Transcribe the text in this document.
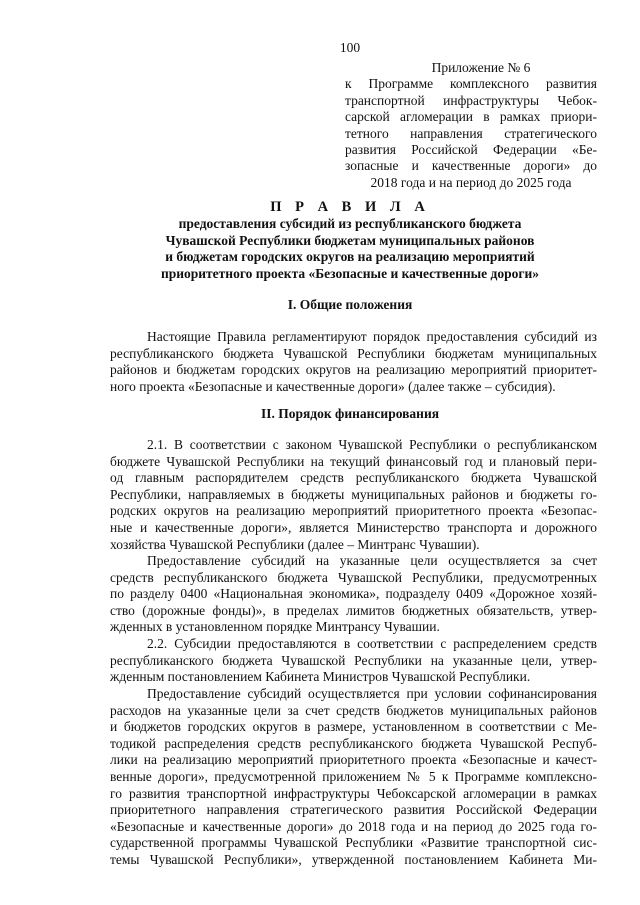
100
Приложение № 6
к Программе комплексного развития
транспортной инфраструктуры Чебок-
сарской агломерации в рамках приори-
тетного направления стратегического
развития Российской Федерации «Бе-
зопасные и качественные дороги» до
2018 года и на период до 2025 года
П Р А В И Л А
предоставления субсидий из республиканского бюджета
Чувашской Республики бюджетам муниципальных районов
и бюджетам городских округов на реализацию мероприятий
приоритетного проекта «Безопасные и качественные дороги»
I. Общие положения
Настоящие Правила регламентируют порядок предоставления субсидий из
республиканского бюджета Чувашской Республики бюджетам муниципальных
районов и бюджетам городских округов на реализацию мероприятий приоритет-
ного проекта «Безопасные и качественные дороги» (далее также – субсидия).
II. Порядок финансирования
2.1. В соответствии с законом Чувашской Республики о республиканском
бюджете Чувашской Республики на текущий финансовый год и плановый пери-
од главным распорядителем средств республиканского бюджета Чувашской
Республики, направляемых в бюджеты муниципальных районов и бюджеты го-
родских округов на реализацию мероприятий приоритетного проекта «Безопас-
ные и качественные дороги», является Министерство транспорта и дорожного
хозяйства Чувашской Республики (далее – Минтранс Чувашии).
Предоставление субсидий на указанные цели осуществляется за счет
средств республиканского бюджета Чувашской Республики, предусмотренных
по разделу 0400 «Национальная экономика», подразделу 0409 «Дорожное хозяй-
ство (дорожные фонды)», в пределах лимитов бюджетных обязательств, утвер-
жденных в установленном порядке Минтрансу Чувашии.
2.2. Субсидии предоставляются в соответствии с распределением средств
республиканского бюджета Чувашской Республики на указанные цели, утвер-
жденным постановлением Кабинета Министров Чувашской Республики.
Предоставление субсидий осуществляется при условии софинансирования
расходов на указанные цели за счет средств бюджетов муниципальных районов
и бюджетов городских округов в размере, установленном в соответствии с Ме-
тодикой распределения средств республиканского бюджета Чувашской Респуб-
лики на реализацию мероприятий приоритетного проекта «Безопасные и качест-
венные дороги», предусмотренной приложением № 5 к Программе комплексно-
го развития транспортной инфраструктуры Чебоксарской агломерации в рамках
приоритетного направления стратегического развития Российской Федерации
«Безопасные и качественные дороги» до 2018 года и на период до 2025 года го-
сударственной программы Чувашской Республики «Развитие транспортной сис-
темы Чувашской Республики», утвержденной постановлением Кабинета Ми-
